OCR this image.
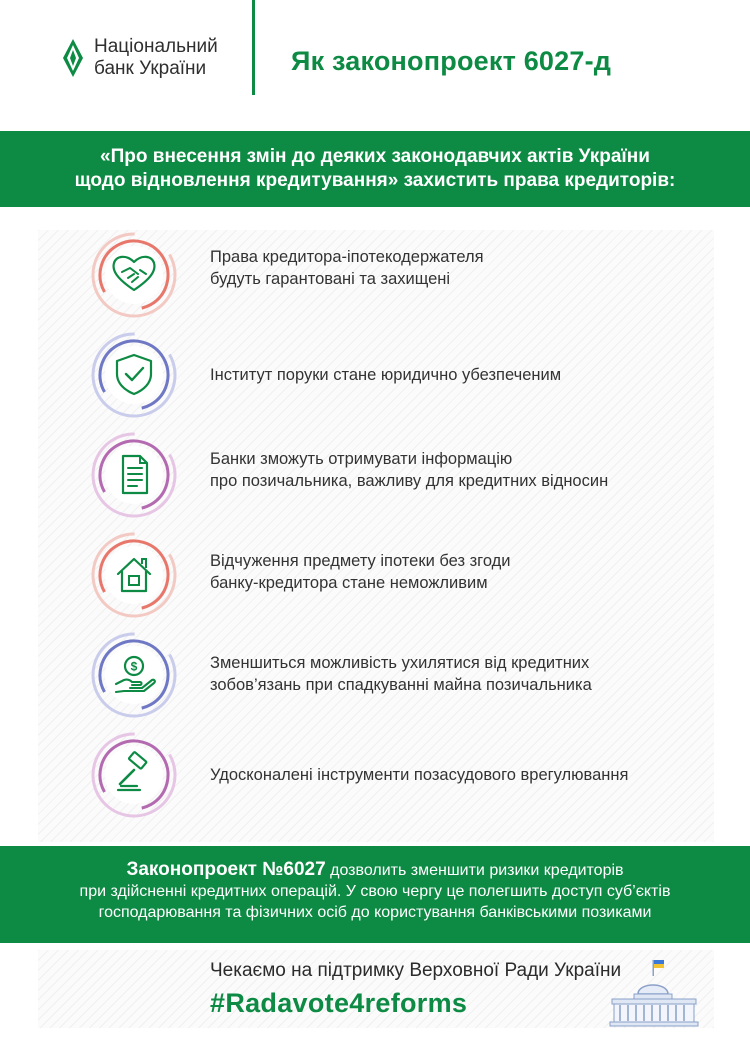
Національний
банк України	Як законопроект 6027-д
«Про внесення змін до деяких законодавчих актів України
щодо відновлення кредитування» захистить права кредиторів:
Права кредитора-іпотекодержателя
будуть гарантовані та захищені
Інститут поруки стане юридично убезпеченим
Банки зможуть отримувати інформацію
про позичальника, важливу для кредитних відносин
Відчуження предмету іпотеки без згоди
банку-кредитора стане неможливим
$	Зменшиться можливість ухилятися від кредитних
зобов’язань при спадкуванні майна позичальника
Удосконалені інструменти позасудового врегулювання
Законопроект №6027 дозволить зменшити ризики кредиторів
при здійсненні кредитних операцій. У свою чергу це полегшить доступ суб’єктів
господарювання та фізичних осіб до користування банківськими позиками
Чекаємо на підтримку Верховної Ради України
#Radavote4reforms
